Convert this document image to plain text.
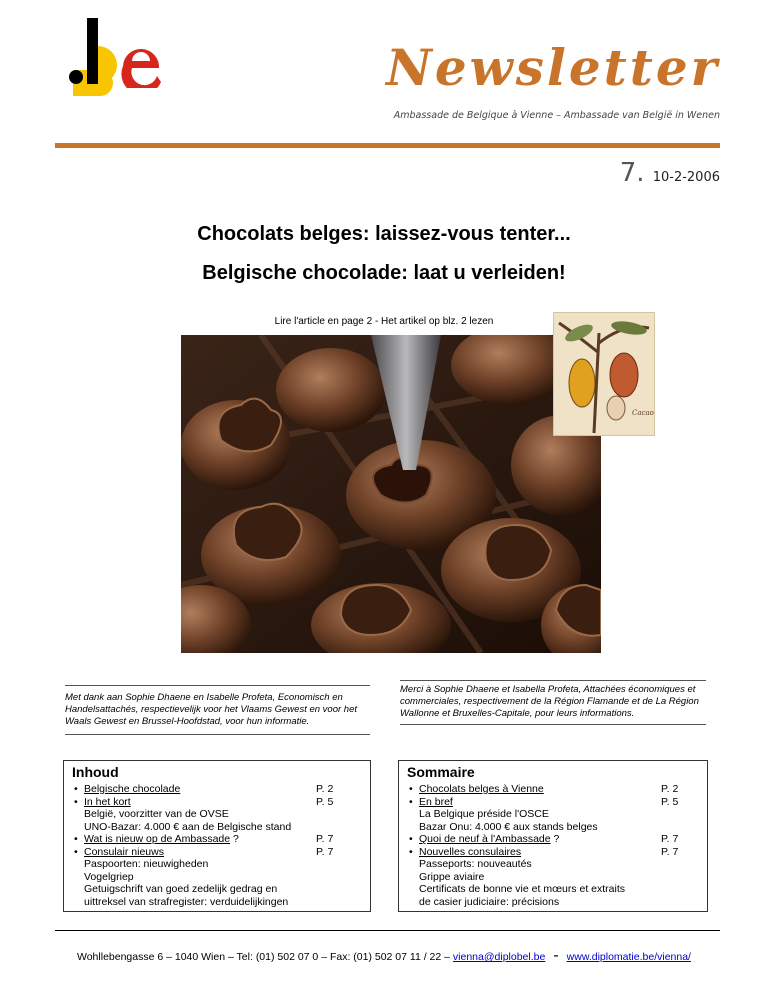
Newsletter
Ambassade de Belgique à Vienne – Ambassade van België in Wenen
7. 10-2-2006
Chocolats belges: laissez-vous tenter...
Belgische chocolade: laat u verleiden!
Lire l'article en page 2 - Het artikel op blz. 2 lezen
Cacao
Met dank aan Sophie Dhaene en Isabelle Profeta, Economisch en Handelsattachés, respectievelijk voor het Vlaams Gewest en voor het Waals Gewest en Brussel-Hoofdstad, voor hun informatie.
Merci à Sophie Dhaene et Isabella Profeta, Attachées économiques et commerciales, respectivement de la Région Flamande et de La Région Wallonne et Bruxelles-Capitale, pour leurs informations.
Inhoud
• Belgische chocolade
• In het kort
België, voorzitter van de OVSE
UNO-Bazar: 4.000 € aan de Belgische stand
• Wat is nieuw op de Ambassade ?
• Consulair nieuws
Paspoorten: nieuwigheden
Vogelgriep
Getuigschrift van goed zedelijk gedrag en
uittreksel van strafregister: verduidelijkingen
P. 2
P. 5

P. 7
P. 7
Sommaire
• Chocolats belges à Vienne
• En bref
La Belgique préside l'OSCE
Bazar Onu: 4.000 € aux stands belges
• Quoi de neuf à l'Ambassade ?
• Nouvelles consulaires
Passeports: nouveautés
Grippe aviaire
Certificats de bonne vie et mœurs et extraits
de casier judiciaire: précisions
P. 2
P. 5

P. 7
P. 7
Wohllebengasse 6 – 1040 Wien – Tel: (01) 502 07 0 – Fax: (01) 502 07 11 / 22 – vienna@diplobel.be - www.diplomatie.be/vienna/
